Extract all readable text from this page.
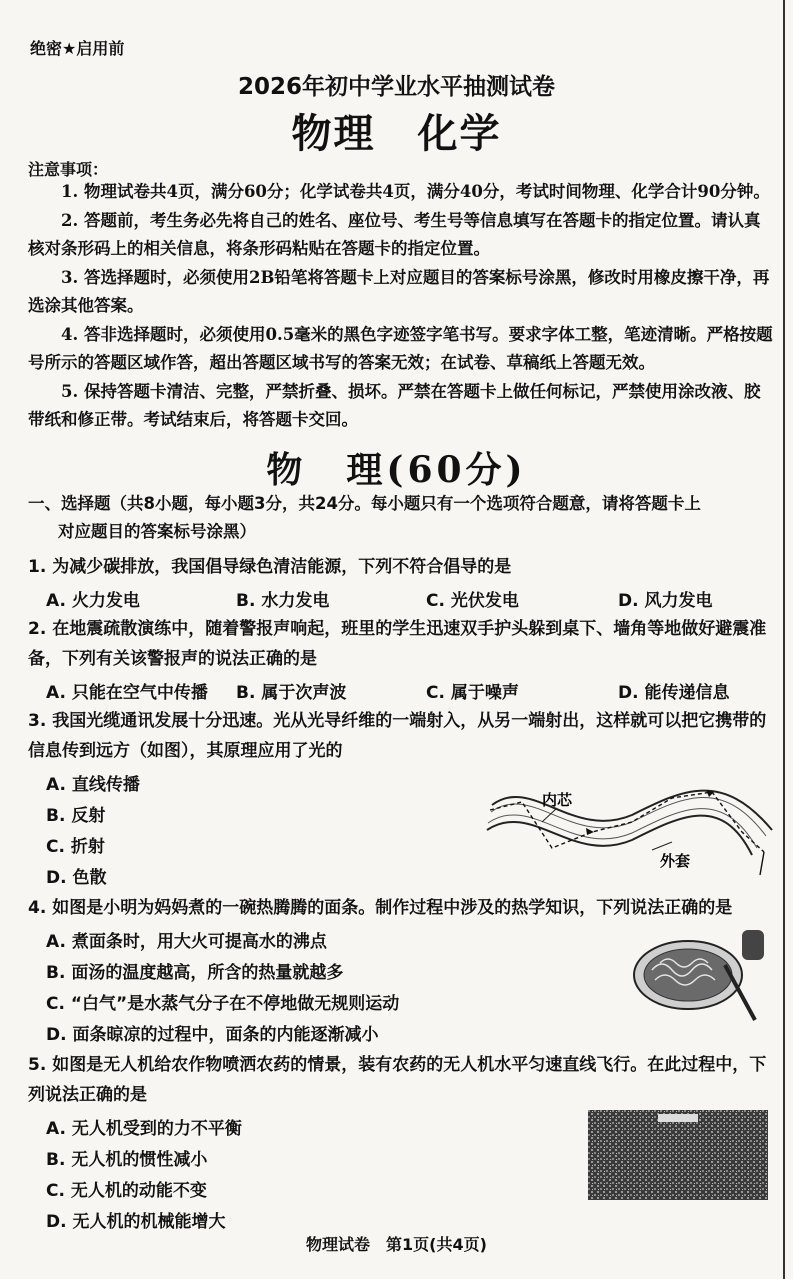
绝密★启用前
2026年初中学业水平抽测试卷
物理　化学
注意事项：
1. 物理试卷共4页，满分60分；化学试卷共4页，满分40分，考试时间物理、化学合计90分钟。
2. 答题前，考生务必先将自己的姓名、座位号、考生号等信息填写在答题卡的指定位置。请认真核对条形码上的相关信息，将条形码粘贴在答题卡的指定位置。
3. 答选择题时，必须使用2B铅笔将答题卡上对应题目的答案标号涂黑，修改时用橡皮擦干净，再选涂其他答案。
4. 答非选择题时，必须使用0.5毫米的黑色字迹签字笔书写。要求字体工整，笔迹清晰。严格按题号所示的答题区域作答，超出答题区域书写的答案无效；在试卷、草稿纸上答题无效。
5. 保持答题卡清洁、完整，严禁折叠、损坏。严禁在答题卡上做任何标记，严禁使用涂改液、胶带纸和修正带。考试结束后，将答题卡交回。
物　理(60分)
一、选择题（共8小题，每小题3分，共24分。每小题只有一个选项符合题意，请将答题卡上
对应题目的答案标号涂黑）
1. 为减少碳排放，我国倡导绿色清洁能源，下列不符合倡导的是
A. 火力发电	B. 水力发电	C. 光伏发电	D. 风力发电
2. 在地震疏散演练中，随着警报声响起，班里的学生迅速双手护头躲到桌下、墙角等地做好避震准备，下列有关该警报声的说法正确的是
A. 只能在空气中传播 B. 属于次声波	C. 属于噪声	D. 能传递信息
3. 我国光缆通讯发展十分迅速。光从光导纤维的一端射入，从另一端射出，这样就可以把它携带的信息传到远方（如图），其原理应用了光的
A. 直线传播
B. 反射
C. 折射
D. 色散
内芯
外套
4. 如图是小明为妈妈煮的一碗热腾腾的面条。制作过程中涉及的热学知识，下列说法正确的是
A. 煮面条时，用大火可提高水的沸点
B. 面汤的温度越高，所含的热量就越多
C. “白气”是水蒸气分子在不停地做无规则运动
D. 面条晾凉的过程中，面条的内能逐渐减小
5. 如图是无人机给农作物喷洒农药的情景，装有农药的无人机水平匀速直线飞行。在此过程中，下列说法正确的是
A. 无人机受到的力不平衡
B. 无人机的惯性减小
C. 无人机的动能不变
D. 无人机的机械能增大
物理试卷　第1页(共4页)
